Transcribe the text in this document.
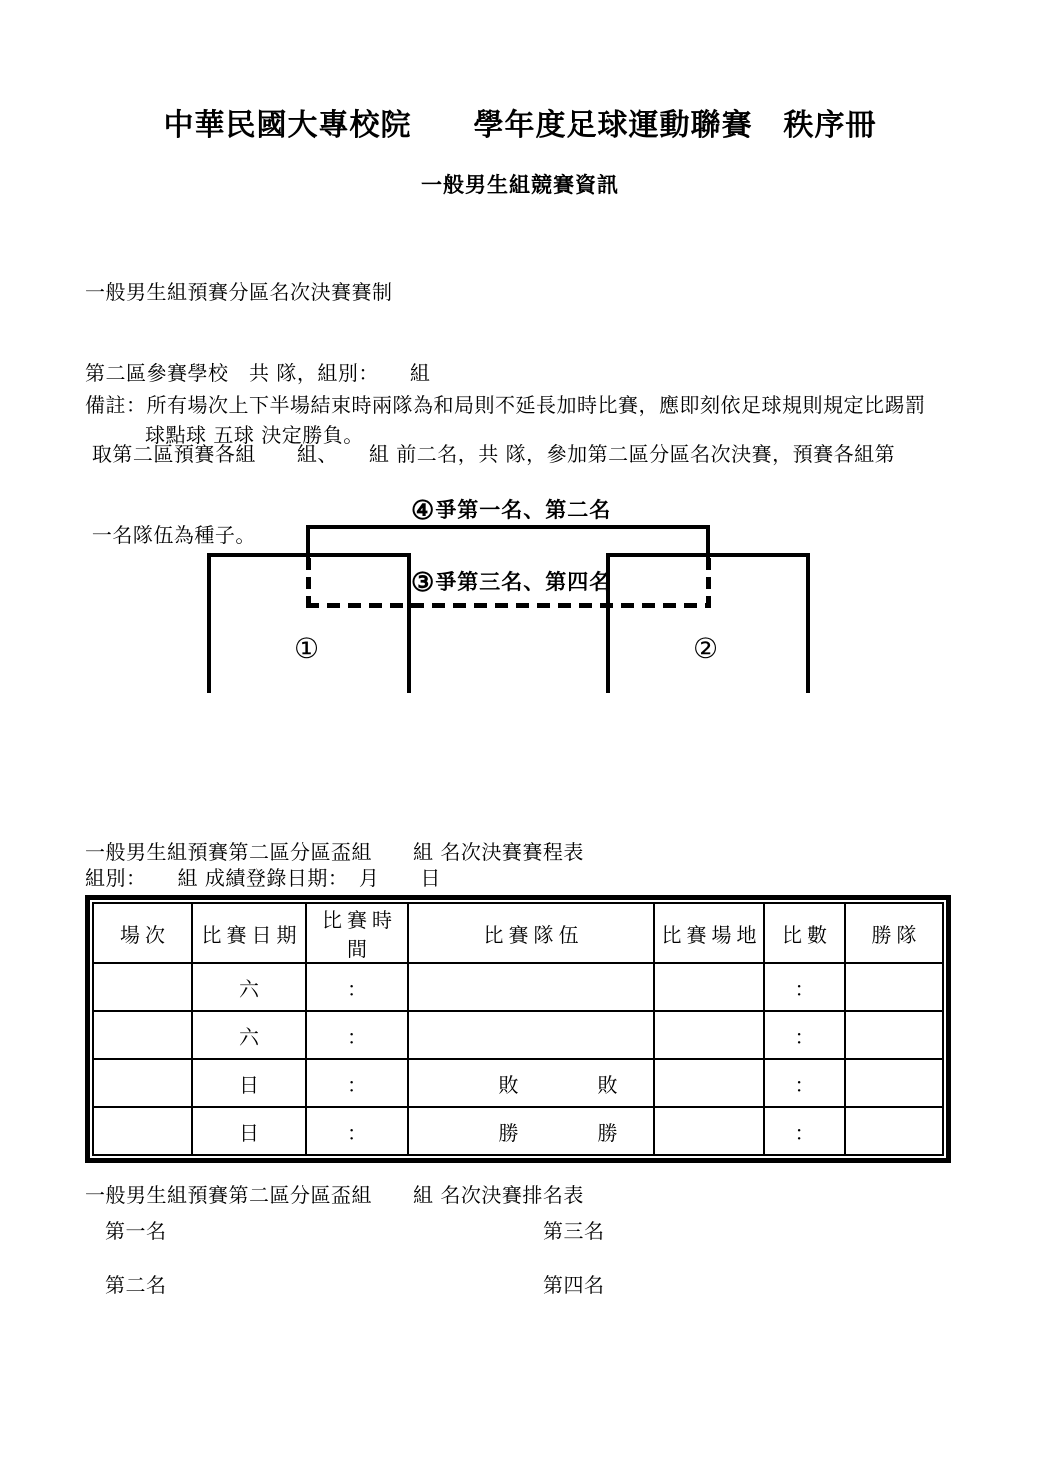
中華民國大專校院　　學年度足球運動聯賽　秩序冊
一般男生組競賽資訊

一般男生組預賽分區名次決賽賽制

第二區參賽學校　共 隊，組別：　　組

取第二區預賽各組　　組、　　組 前二名，共 隊，參加第二區分區名次決賽，預賽各組第

一名隊伍為種子。

備註：所有場次上下半場結束時兩隊為和局則不延長加時比賽，應即刻依足球規則規定比踢罰
球點球 五球 決定勝負。
④爭第一名、第二名
③爭第三名、第四名
①	②
一般男生組預賽第二區分區盃組　　組 名次決賽賽程表
組別：　　組 成績登錄日期：　月　　日
場次	比賽日期	比賽時間	比賽隊伍	比賽場地	比數	勝隊
	六	：			：	
	六	：			：	
	日	：	敗 敗		：	
	日	：	勝 勝		：	
一般男生組預賽第二區分區盃組　　組 名次決賽排名表
第一名	第三名
第二名	第四名
